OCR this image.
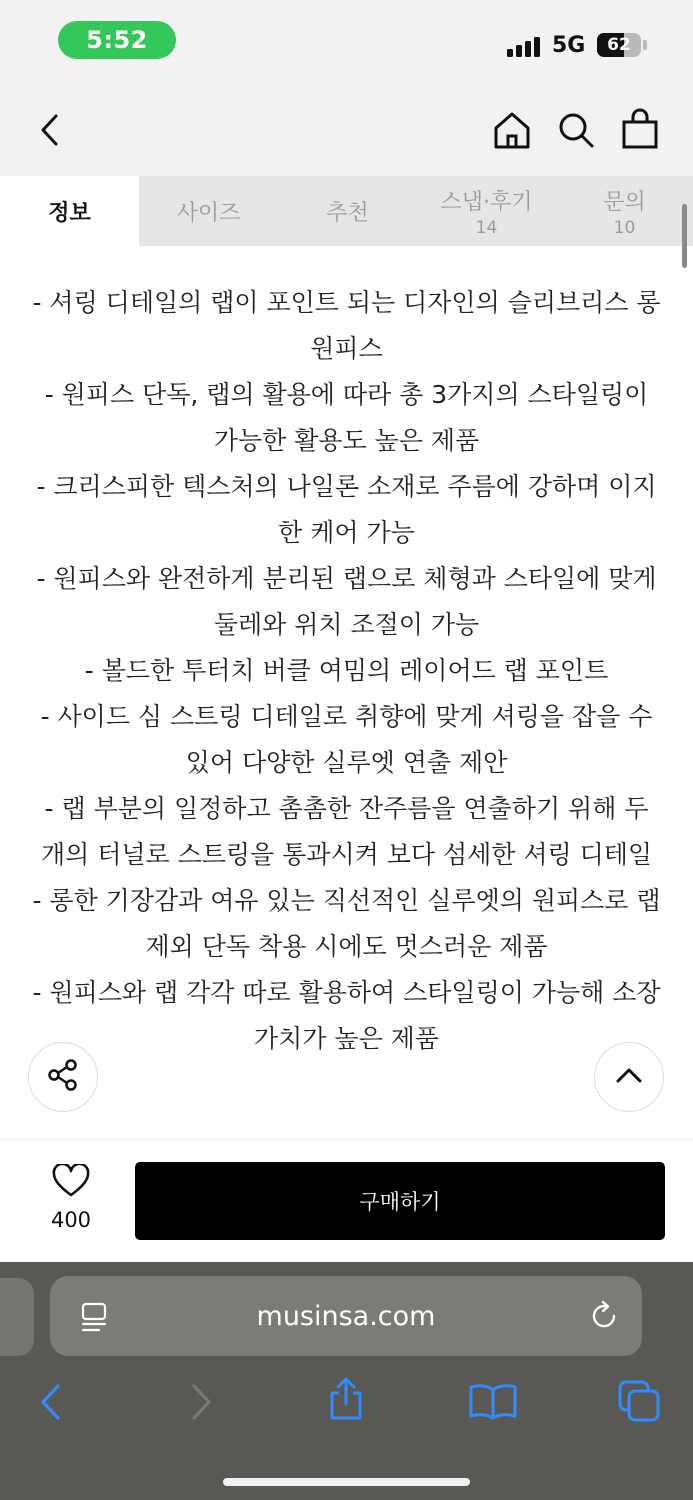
5:52	5G	62
정보	사이즈	추천	스냅·후기
14
문의
10

- 셔링 디테일의 랩이 포인트 되는 디자인의 슬리브리스 롱

원피스

- 원피스 단독, 랩의 활용에 따라 총 3가지의 스타일링이

가능한 활용도 높은 제품

- 크리스피한 텍스처의 나일론 소재로 주름에 강하며 이지

한 케어 가능

- 원피스와 완전하게 분리된 랩으로 체형과 스타일에 맞게

둘레와 위치 조절이 가능

- 볼드한 투터치 버클 여밈의 레이어드 랩 포인트

- 사이드 심 스트링 디테일로 취향에 맞게 셔링을 잡을 수

있어 다양한 실루엣 연출 제안

- 랩 부분의 일정하고 촘촘한 잔주름을 연출하기 위해 두

개의 터널로 스트링을 통과시켜 보다 섬세한 셔링 디테일

- 롱한 기장감과 여유 있는 직선적인 실루엣의 원피스로 랩

제외 단독 착용 시에도 멋스러운 제품

- 원피스와 랩 각각 따로 활용하여 스타일링이 가능해 소장

가치가 높은 제품

400
구매하기
musinsa.com
